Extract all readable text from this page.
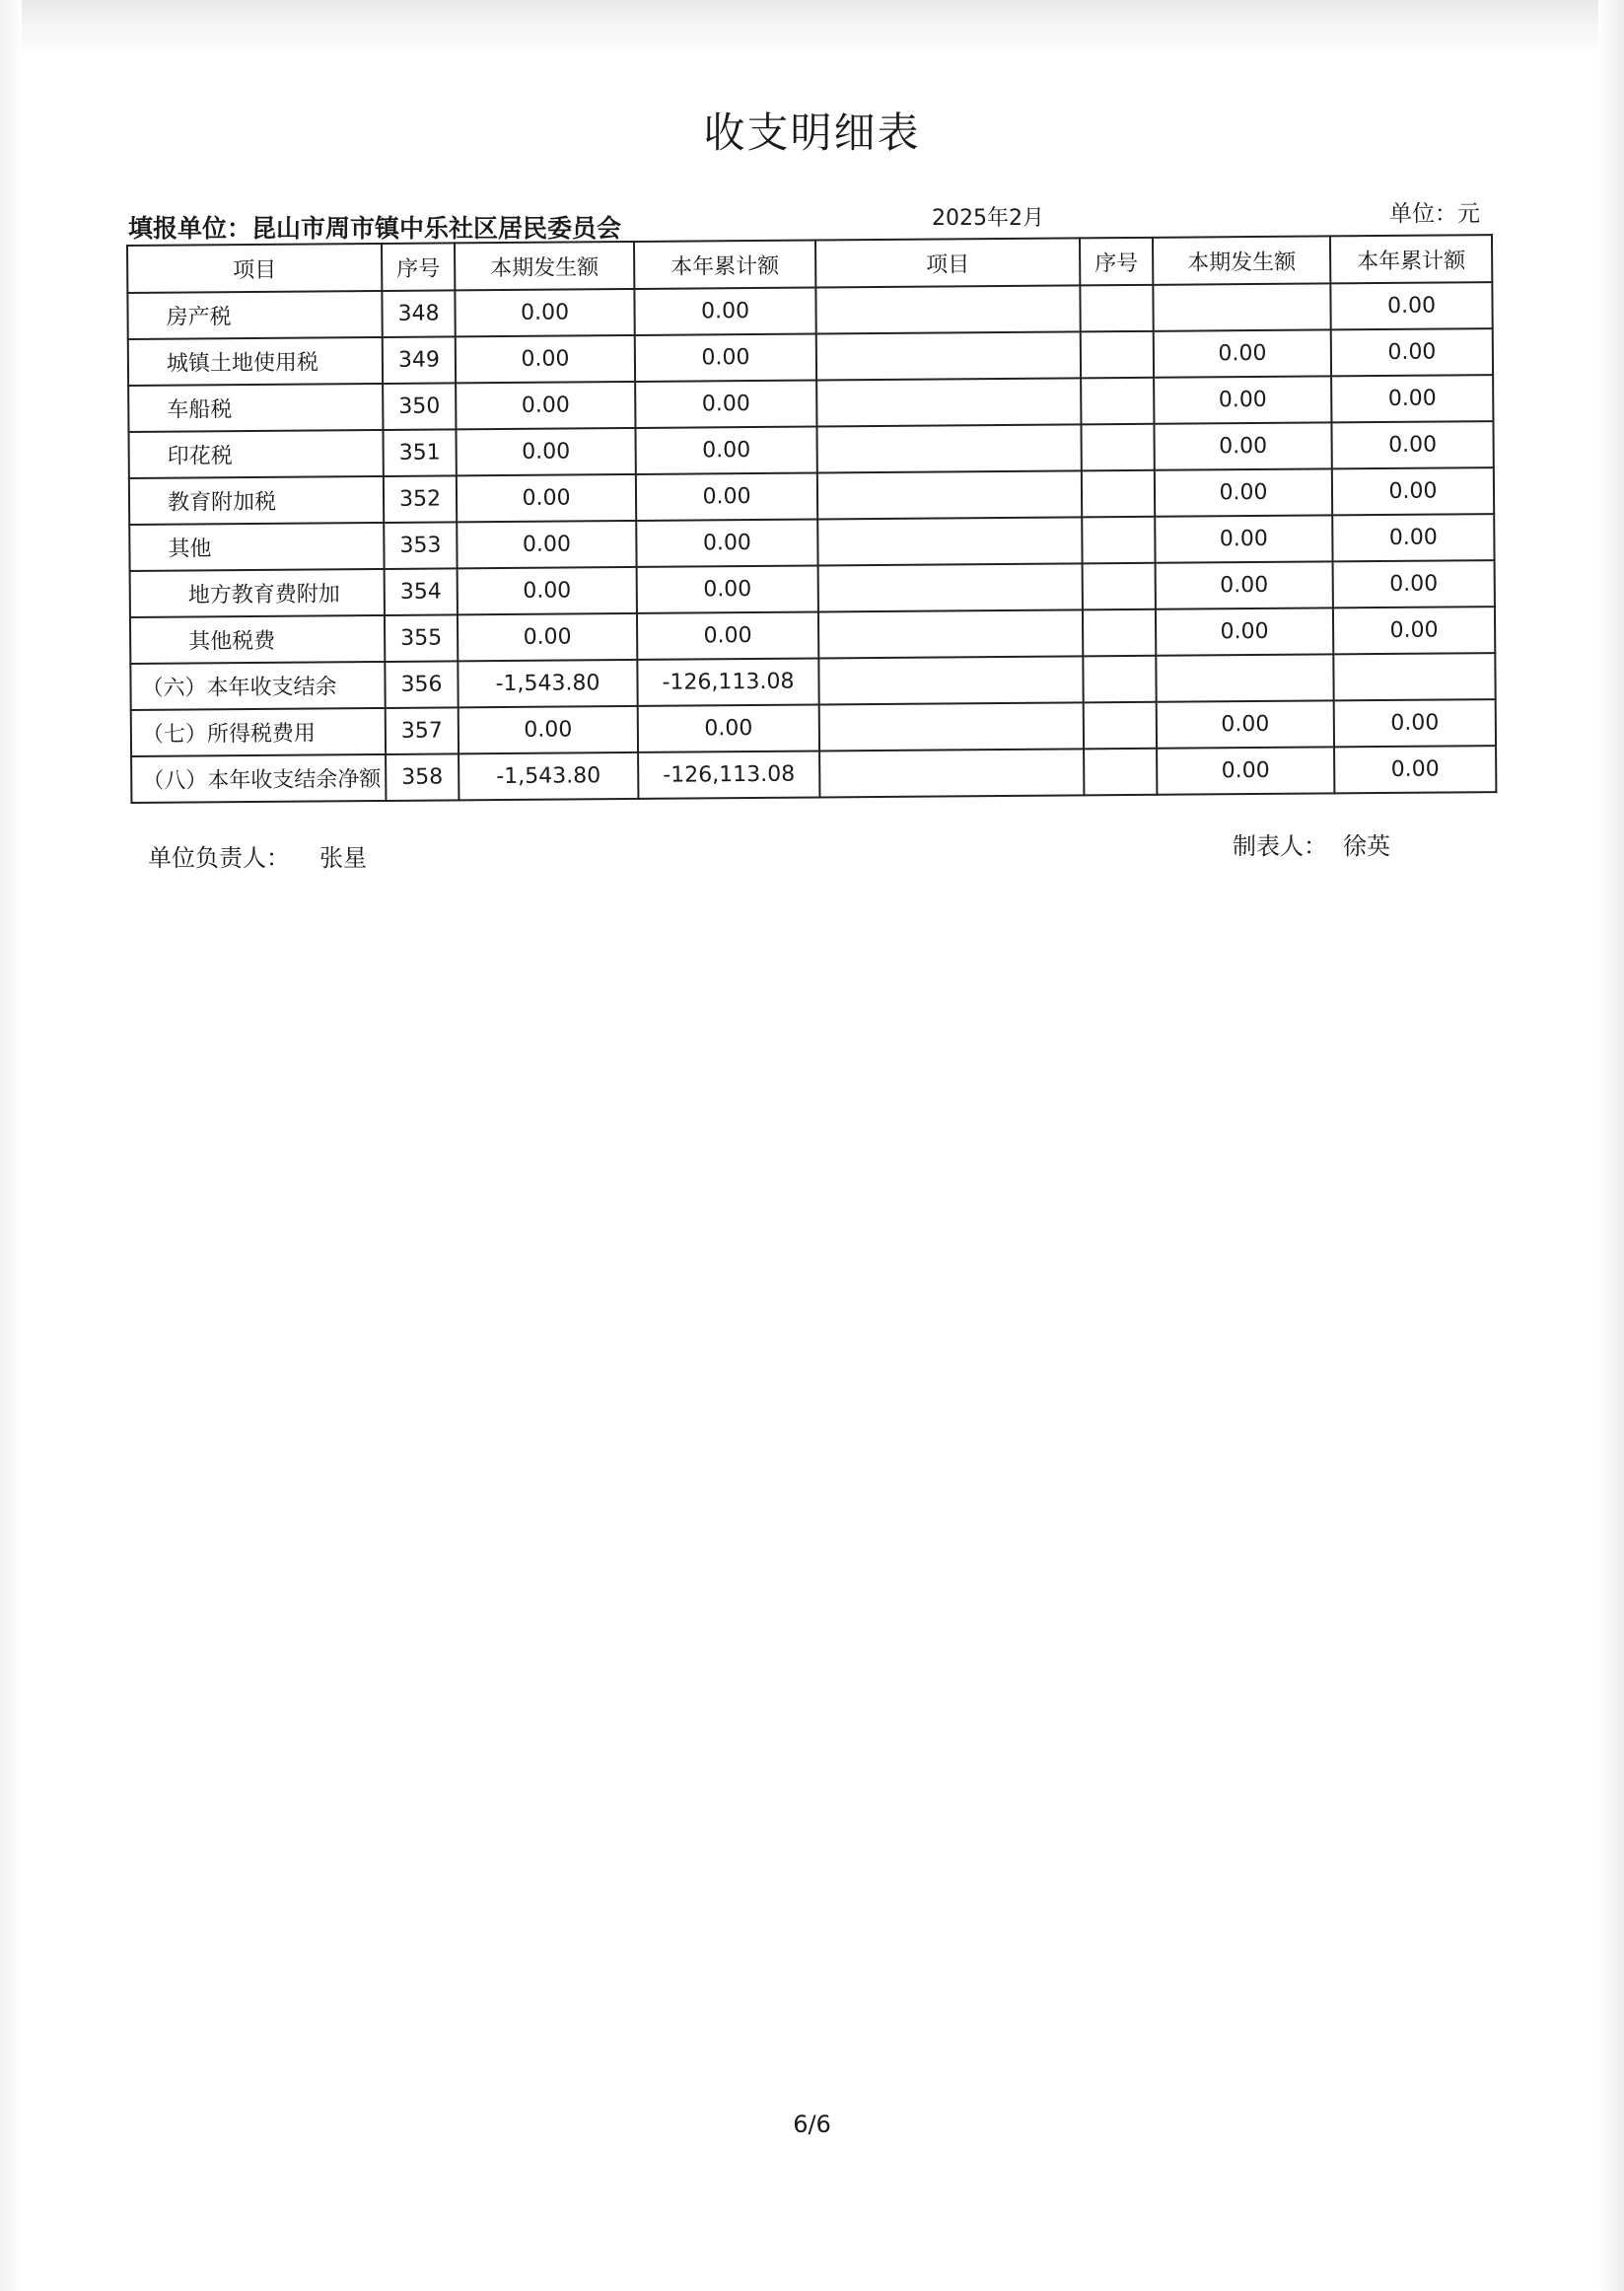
收支明细表
填报单位：昆山市周市镇中乐社区居民委员会	2025年2月	单位：元
项目	序号	本期发生额	本年累计额	项目	序号	本期发生额	本年累计额
房产税	348	0.00	0.00				0.00
城镇土地使用税	349	0.00	0.00			0.00	0.00
车船税	350	0.00	0.00			0.00	0.00
印花税	351	0.00	0.00			0.00	0.00
教育附加税	352	0.00	0.00			0.00	0.00
其他	353	0.00	0.00			0.00	0.00
地方教育费附加	354	0.00	0.00			0.00	0.00
其他税费	355	0.00	0.00			0.00	0.00
（六）本年收支结余	356	-1,543.80	-126,113.08				
（七）所得税费用	357	0.00	0.00			0.00	0.00
（八）本年收支结余净额	358	-1,543.80	-126,113.08			0.00	0.00
单位负责人： 张星	制表人： 徐英
6/6
